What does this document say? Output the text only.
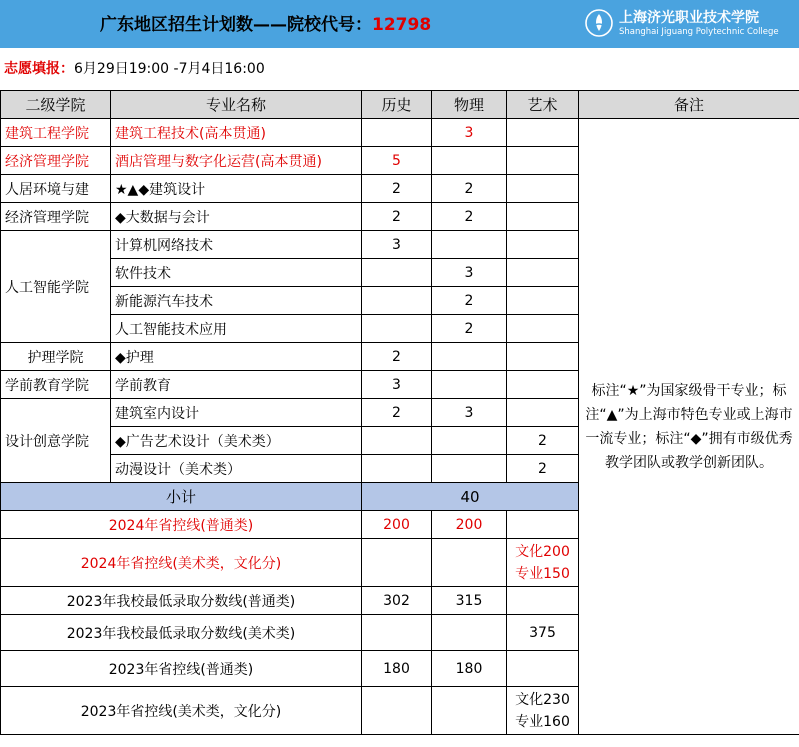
广东地区招生计划数——院校代号：12798	上海济光职业技术学院
Shanghai Jiguang Polytechnic College
志愿填报：6月29日19:00 -7月4日16:00
二级学院	专业名称	历史	物理	艺术	备注
建筑工程学院	建筑工程技术(高本贯通)		3		标注“★”为国家级骨干专业；标注“▲”为上海市特色专业或上海市一流专业；标注“◆”拥有市级优秀教学团队或教学创新团队。
经济管理学院	酒店管理与数字化运营(高本贯通)	5			
人居环境与建	★▲◆建筑设计	2	2		
经济管理学院	◆大数据与会计	2	2		
人工智能学院	计算机网络技术	3			
	软件技术		3		
	新能源汽车技术		2		
	人工智能技术应用		2		
护理学院	◆护理	2			
学前教育学院	学前教育	3			
设计创意学院	建筑室内设计	2	3		
	◆广告艺术设计（美术类）			2	
	动漫设计（美术类）			2	
小计		40			
2024年省控线(普通类)		200	200		
2024年省控线(美术类，文化分)				文化200
专业150	

2023年我校最低录取分数线(普通类)		302	315		
2023年我校最低录取分数线(美术类)				375	
2023年省控线(普通类)		180	180		
2023年省控线(美术类，文化分)				文化230
专业160	
